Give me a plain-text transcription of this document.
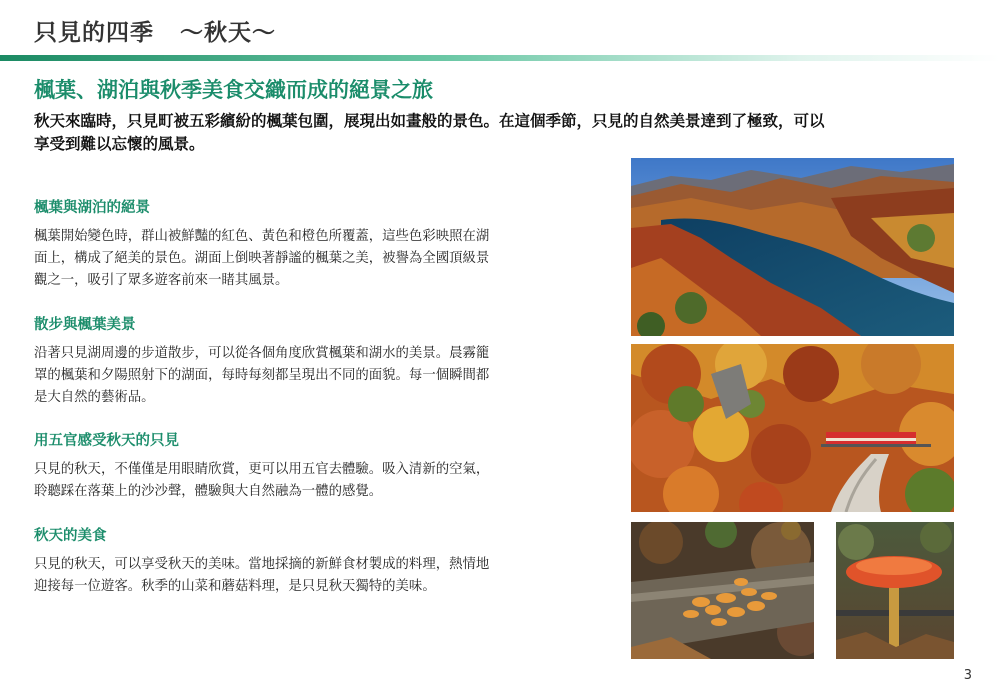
只見的四季 ～秋天～
楓葉、湖泊與秋季美食交織而成的絕景之旅
秋天來臨時，只見町被五彩繽紛的楓葉包圍，展現出如畫般的景色。在這個季節，只見的自然美景達到了極致，可以
享受到難以忘懷的風景。
楓葉與湖泊的絕景

楓葉開始變色時，群山被鮮豔的紅色、黃色和橙色所覆蓋，這些色彩映照在湖
面上，構成了絕美的景色。湖面上倒映著靜謐的楓葉之美，被譽為全國頂級景
觀之一，吸引了眾多遊客前來一睹其風景。

散步與楓葉美景

沿著只見湖周邊的步道散步，可以從各個角度欣賞楓葉和湖水的美景。晨霧籠
罩的楓葉和夕陽照射下的湖面，每時每刻都呈現出不同的面貌。每一個瞬間都
是大自然的藝術品。

用五官感受秋天的只見

只見的秋天，不僅僅是用眼睛欣賞，更可以用五官去體驗。吸入清新的空氣，
聆聽踩在落葉上的沙沙聲，體驗與大自然融為一體的感覺。

秋天的美食

只見的秋天，可以享受秋天的美味。當地採摘的新鮮食材製成的料理，熱情地
迎接每一位遊客。秋季的山菜和蘑菇料理，是只見秋天獨特的美味。

3
